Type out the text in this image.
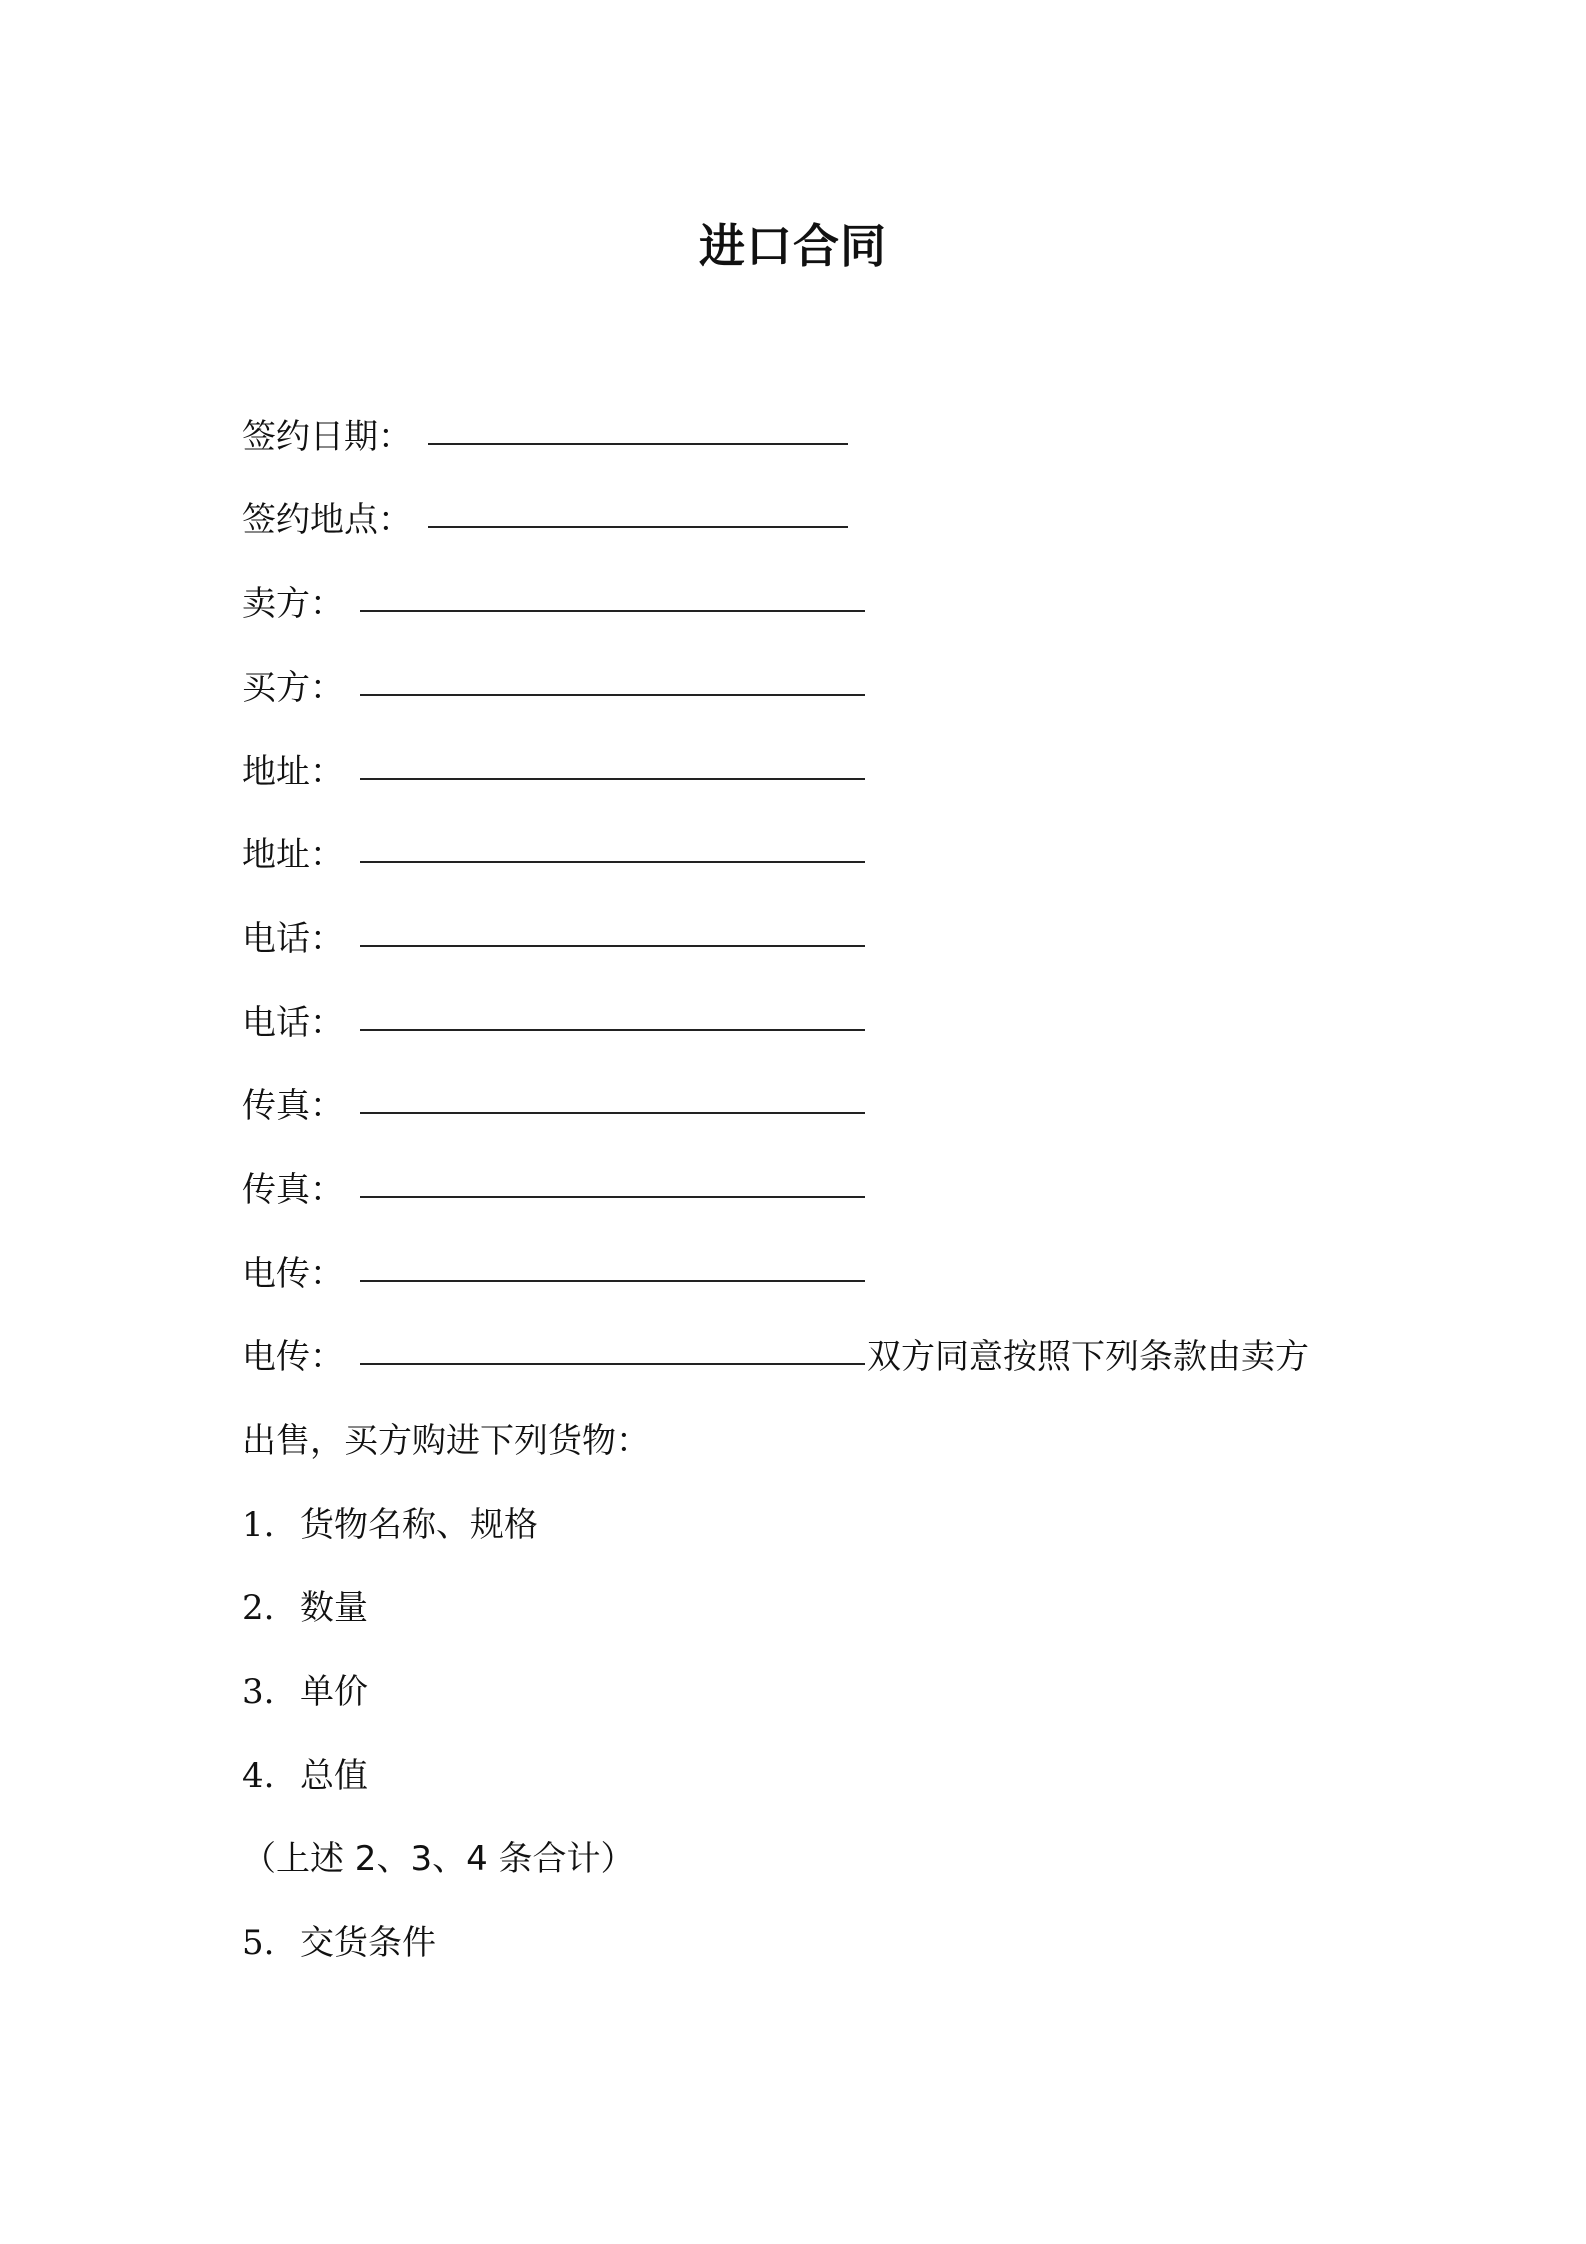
进口合同
签约日期：
签约地点：
卖方：
买方：
地址：
地址：
电话：
电话：
传真：
传真：
电传：
电传：	双方同意按照下列条款由卖方
出售，买方购进下列货物：
1. 货物名称、规格
2. 数量
3. 单价
4. 总值
（上述 2、3、4 条合计）
5. 交货条件
